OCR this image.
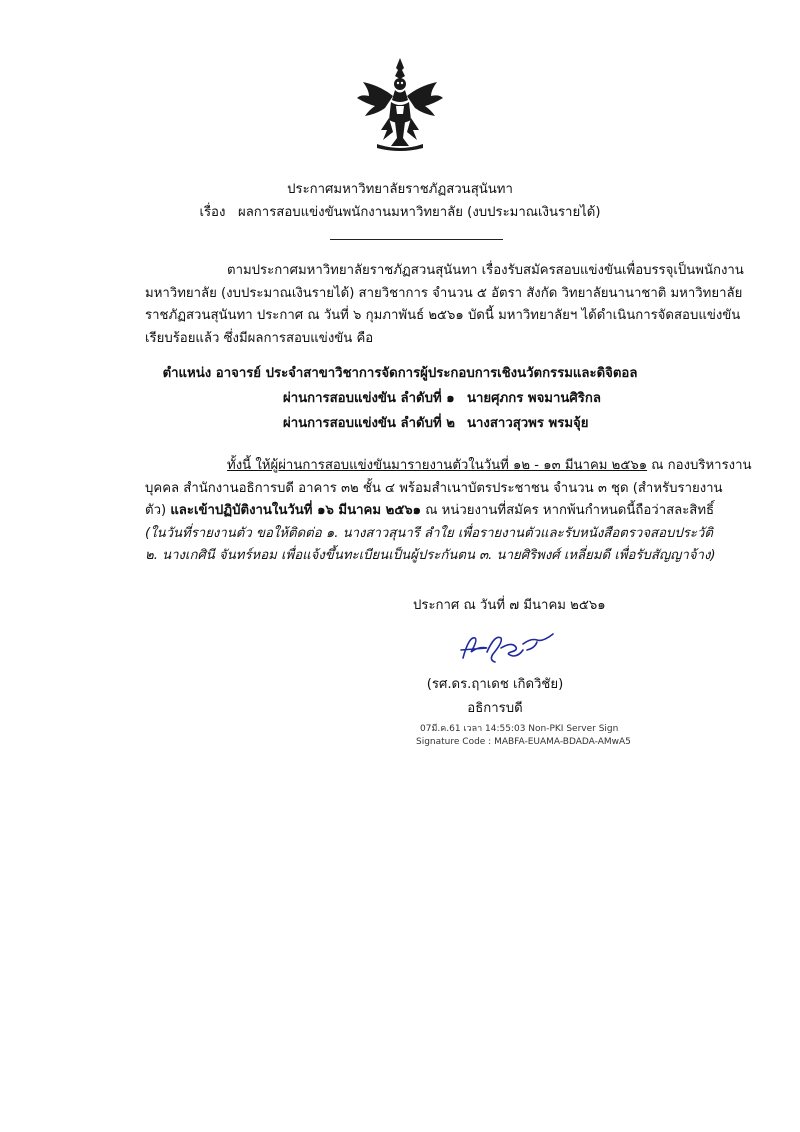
ประกาศมหาวิทยาลัยราชภัฏสวนสุนันทา
เรื่อง ผลการสอบแข่งขันพนักงานมหาวิทยาลัย (งบประมาณเงินรายได้)
ตามประกาศมหาวิทยาลัยราชภัฏสวนสุนันทา เรื่องรับสมัครสอบแข่งขันเพื่อบรรจุเป็นพนักงาน
มหาวิทยาลัย (งบประมาณเงินรายได้) สายวิชาการ จำนวน ๕ อัตรา สังกัด วิทยาลัยนานาชาติ มหาวิทยาลัย
ราชภัฏสวนสุนันทา ประกาศ ณ วันที่ ๖ กุมภาพันธ์ ๒๕๖๑ บัดนี้ มหาวิทยาลัยฯ ได้ดำเนินการจัดสอบแข่งขัน
เรียบร้อยแล้ว ซึ่งมีผลการสอบแข่งขัน คือ
ตำแหน่ง อาจารย์ ประจำสาขาวิชาการจัดการผู้ประกอบการเชิงนวัตกรรมและดิจิตอล
ผ่านการสอบแข่งขัน ลำดับที่ ๑ นายศุภกร พจมานศิริกล
ผ่านการสอบแข่งขัน ลำดับที่ ๒ นางสาวสุวพร พรมจุ้ย
ทั้งนี้ ให้ผู้ผ่านการสอบแข่งขันมารายงานตัวในวันที่ ๑๒ - ๑๓ มีนาคม ๒๕๖๑ ณ กองบริหารงาน
บุคคล สำนักงานอธิการบดี อาคาร ๓๒ ชั้น ๔ พร้อมสำเนาบัตรประชาชน จำนวน ๓ ชุด (สำหรับรายงาน
ตัว) และเข้าปฏิบัติงานในวันที่ ๑๖ มีนาคม ๒๕๖๑ ณ หน่วยงานที่สมัคร หากพ้นกำหนดนี้ถือว่าสละสิทธิ์
(ในวันที่รายงานตัว ขอให้ติดต่อ ๑. นางสาวสุนารี ลำใย เพื่อรายงานตัวและรับหนังสือตรวจสอบประวัติ
๒. นางเกศินี จันทร์หอม เพื่อแจ้งขึ้นทะเบียนเป็นผู้ประกันตน ๓. นายศิริพงศ์ เหลี่ยมดี เพื่อรับสัญญาจ้าง)
ประกาศ ณ วันที่ ๗ มีนาคม ๒๕๖๑
(รศ.ดร.ฤาเดช เกิดวิชัย)
อธิการบดี
07มี.ค.61 เวลา 14:55:03 Non-PKI Server Sign
Signature Code : MABFA-EUAMA-BDADA-AMwA5
